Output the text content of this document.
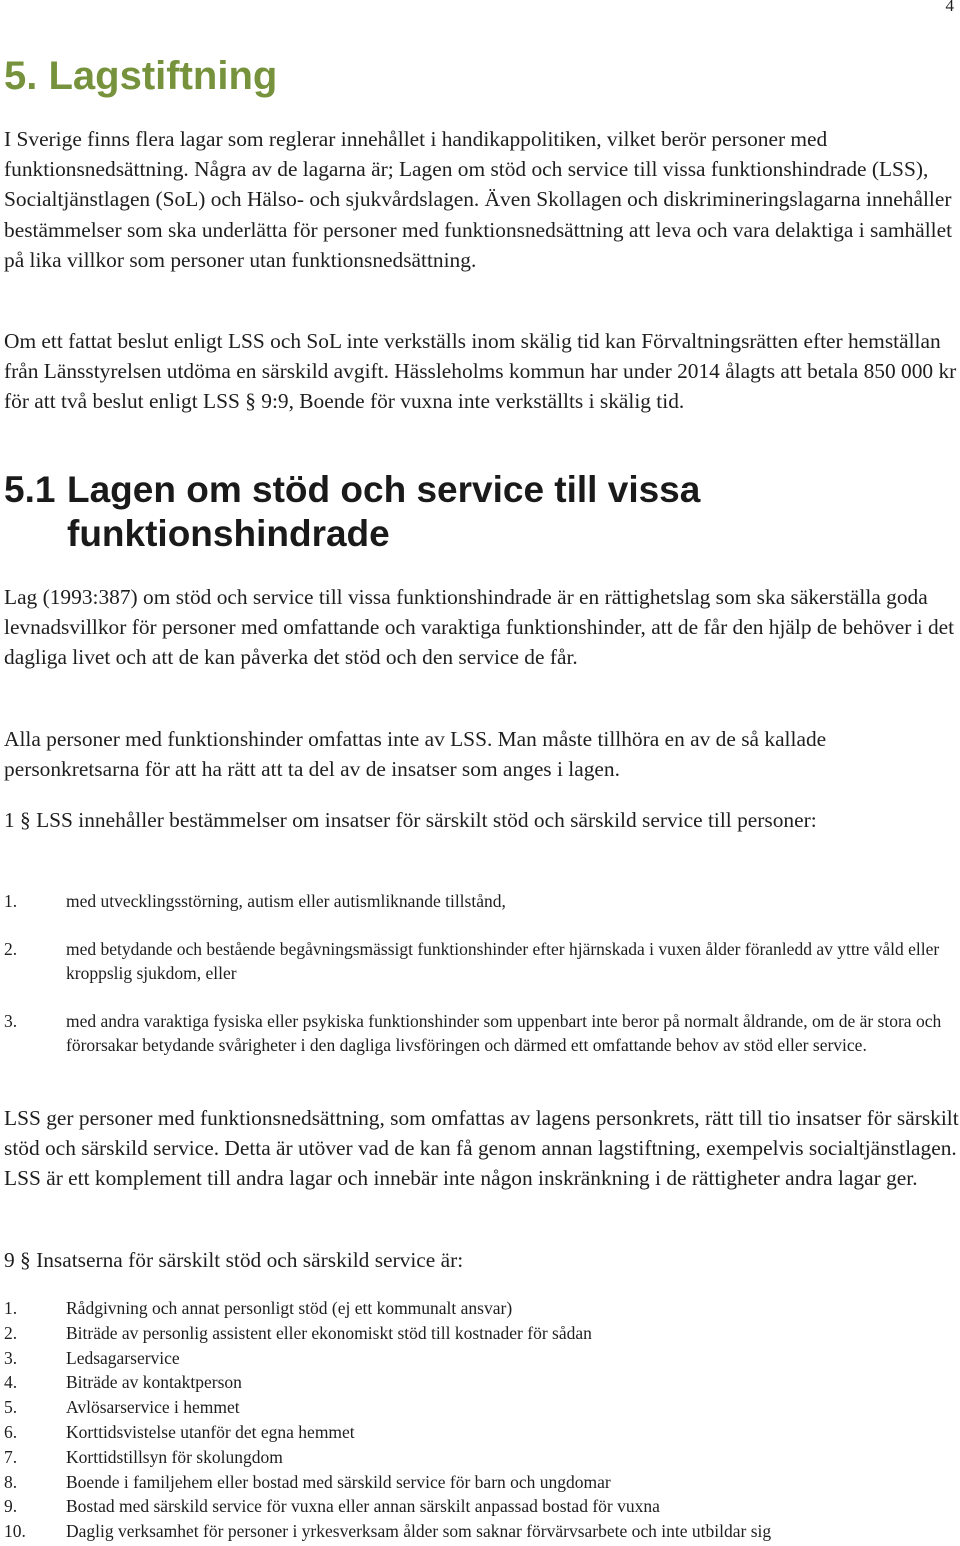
4
5. Lagstiftning

I Sverige finns flera lagar som reglerar innehållet i handikappolitiken, vilket berör personer med funktionsnedsättning. Några av de lagarna är; Lagen om stöd och service till vissa funktionshindrade (LSS), Socialtjänstlagen (SoL) och Hälso- och sjukvårdslagen. Även Skollagen och diskrimineringslagarna innehåller bestämmelser som ska underlätta för personer med funktionsnedsättning att leva och vara delaktiga i samhället på lika villkor som personer utan funktionsnedsättning.

Om ett fattat beslut enligt LSS och SoL inte verkställs inom skälig tid kan Förvaltningsrätten efter hemställan från Länsstyrelsen utdöma en särskild avgift. Hässleholms kommun har under 2014 ålagts att betala 850 000 kr för att två beslut enligt LSS § 9:9, Boende för vuxna inte verkställts i skälig tid.

5.1 Lagen om stöd och service till vissa
funktionshindrade

Lag (1993:387) om stöd och service till vissa funktionshindrade är en rättighetslag som ska säkerställa goda levnadsvillkor för personer med omfattande och varaktiga funktionshinder, att de får den hjälp de behöver i det dagliga livet och att de kan påverka det stöd och den service de får.

Alla personer med funktionshinder omfattas inte av LSS. Man måste tillhöra en av de så kallade personkretsarna för att ha rätt att ta del av de insatser som anges i lagen.

1 § LSS innehåller bestämmelser om insatser för särskilt stöd och särskild service till personer:

1.	med utvecklingsstörning, autism eller autismliknande tillstånd,
2.	med betydande och bestående begåvningsmässigt funktionshinder efter hjärnskada i vuxen ålder föranledd av yttre våld eller kroppslig sjukdom, eller
3.	med andra varaktiga fysiska eller psykiska funktionshinder som uppenbart inte beror på normalt åldrande, om de är stora och förorsakar betydande svårigheter i den dagliga livsföringen och därmed ett omfattande behov av stöd eller service.

LSS ger personer med funktionsnedsättning, som omfattas av lagens personkrets, rätt till tio insatser för särskilt stöd och särskild service. Detta är utöver vad de kan få genom annan lagstiftning, exempelvis socialtjänstlagen. LSS är ett komplement till andra lagar och innebär inte någon inskränkning i de rättigheter andra lagar ger.

9 § Insatserna för särskilt stöd och särskild service är:

1.	Rådgivning och annat personligt stöd (ej ett kommunalt ansvar)
2.	Biträde av personlig assistent eller ekonomiskt stöd till kostnader för sådan
3.	Ledsagarservice
4.	Biträde av kontaktperson
5.	Avlösarservice i hemmet
6.	Korttidsvistelse utanför det egna hemmet
7.	Korttidstillsyn för skolungdom
8.	Boende i familjehem eller bostad med särskild service för barn och ungdomar
9.	Bostad med särskild service för vuxna eller annan särskilt anpassad bostad för vuxna
10.	Daglig verksamhet för personer i yrkesverksam ålder som saknar förvärvsarbete och inte utbildar sig
